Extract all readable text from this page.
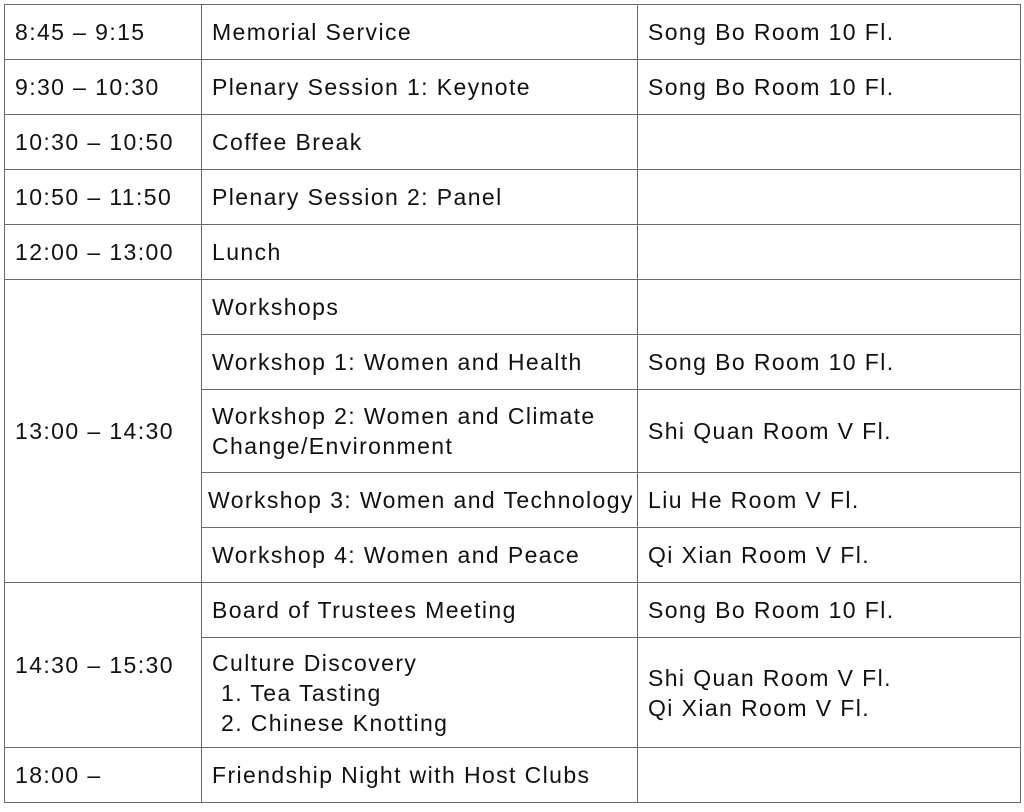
8:45 – 9:15	Memorial Service	Song Bo Room 10 Fl.
9:30 – 10:30	Plenary Session 1: Keynote	Song Bo Room 10 Fl.
10:30 – 10:50	Coffee Break	
10:50 – 11:50	Plenary Session 2: Panel	
12:00 – 13:00	Lunch	
13:00 – 14:30	Workshops	
	Workshop 1: Women and Health	Song Bo Room 10 Fl.

	Workshop 2: Women and Climate
Change/Environment	Shi Quan Room V Fl.
	Workshop 3: Women and Technology	Liu He Room V Fl.
	Workshop 4: Women and Peace	Qi Xian Room V Fl.
14:30 – 15:30	Board of Trustees Meeting	Song Bo Room 10 Fl.

	Culture Discovery
1. Tea Tasting
2. Chinese Knotting	Shi Quan Room V Fl.
Qi Xian Room V Fl.

18:00 –	Friendship Night with Host Clubs	
